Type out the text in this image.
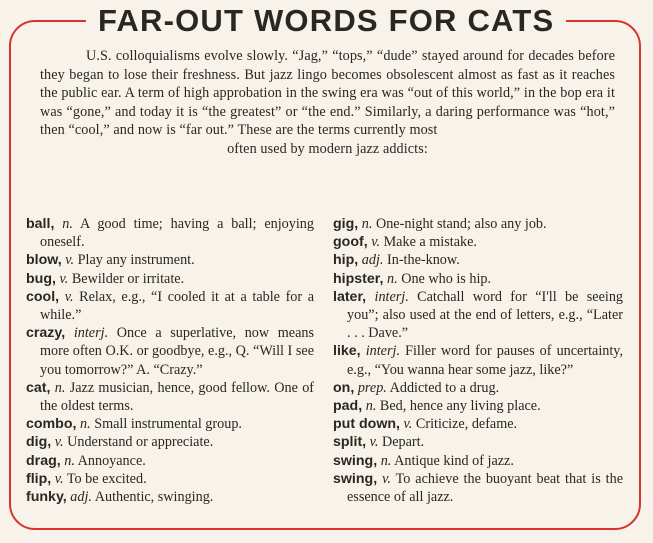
FAR-OUT WORDS FOR CATS
U.S. colloquialisms evolve slowly. “Jag,” “tops,” “dude” stayed around for decades before they began to lose their freshness. But jazz lingo becomes obsolescent almost as fast as it reaches the public ear. A term of high approbation in the swing era was “out of this world,” in the bop era it was “gone,” and today it is “the greatest” or “the end.” Similarly, a daring performance was “hot,” then “cool,” and now is “far out.” These are the terms currently most
often used by modern jazz addicts:

ball, n. A good time; having a ball; enjoying oneself.

blow, v. Play any instrument.

bug, v. Bewilder or irritate.

cool, v. Relax, e.g., “I cooled it at a table for a while.”

crazy, interj. Once a superlative, now means more often O.K. or goodbye, e.g., Q. “Will I see you tomorrow?” A. “Crazy.”

cat, n. Jazz musician, hence, good fellow. One of the oldest terms.

combo, n. Small instrumental group.

dig, v. Understand or appreciate.

drag, n. Annoyance.

flip, v. To be excited.

funky, adj. Authentic, swinging.

gig, n. One-night stand; also any job.

goof, v. Make a mistake.

hip, adj. In-the-know.

hipster, n. One who is hip.

later, interj. Catchall word for “I'll be seeing you”; also used at the end of letters, e.g., “Later . . . Dave.”

like, interj. Filler word for pauses of uncertainty, e.g., “You wanna hear some jazz, like?”

on, prep. Addicted to a drug.

pad, n. Bed, hence any living place.

put down, v. Criticize, defame.

split, v. Depart.

swing, n. Antique kind of jazz.

swing, v. To achieve the buoyant beat that is the essence of all jazz.
